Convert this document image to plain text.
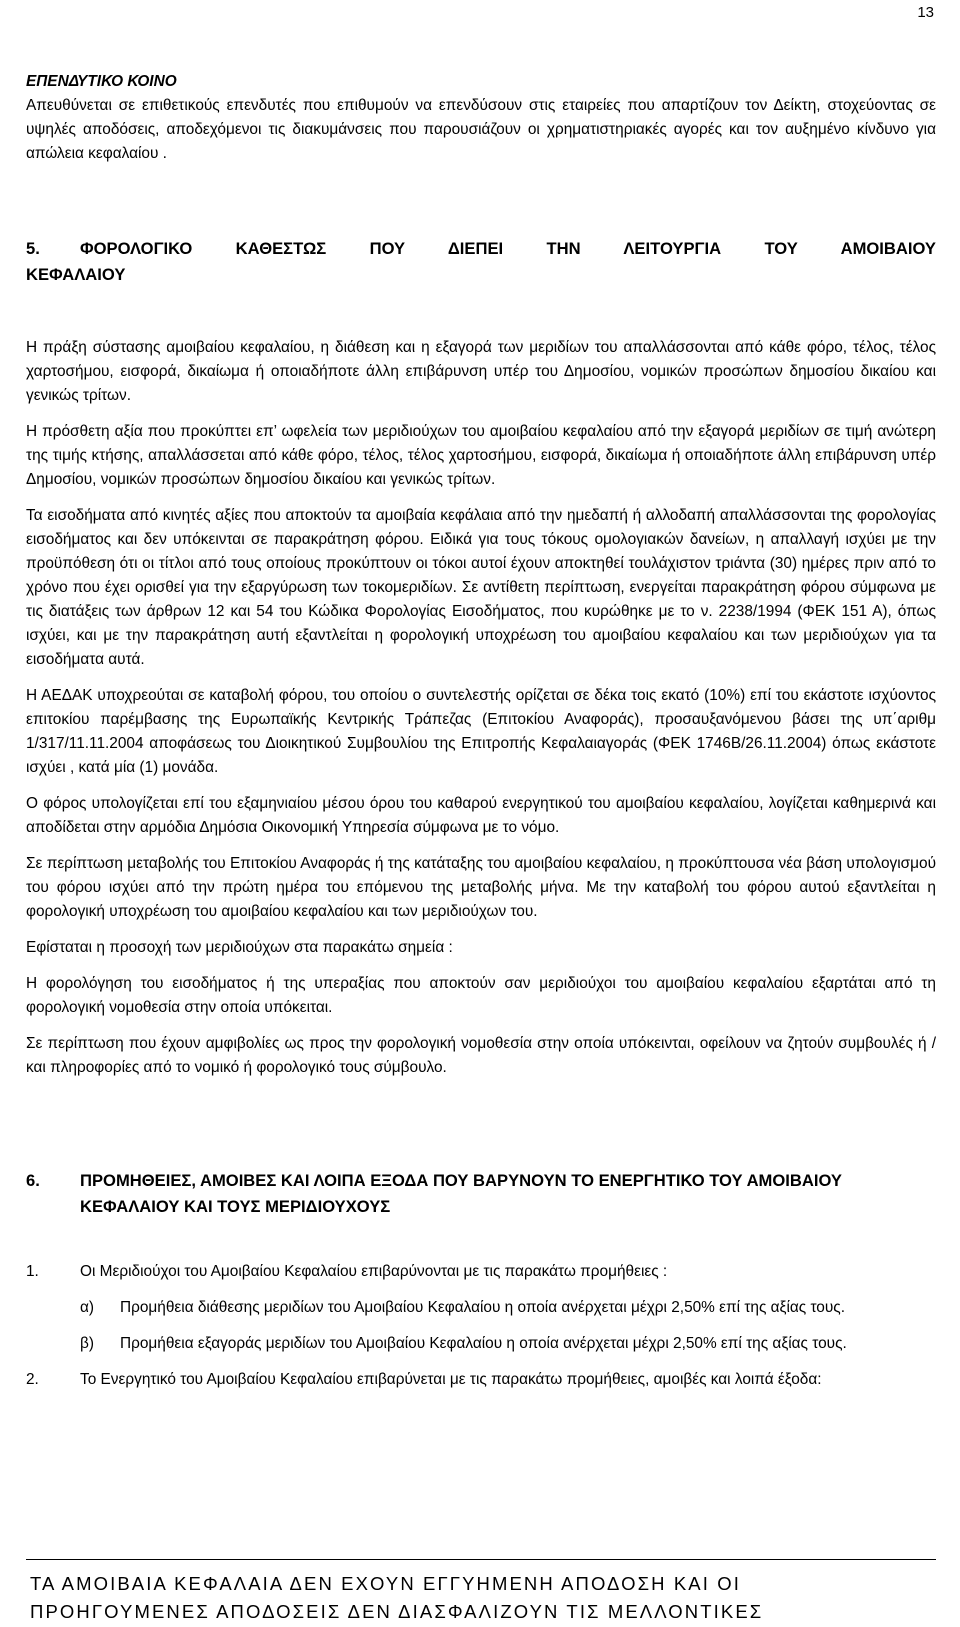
13

ΕΠΕΝΔΥΤΙΚΟ ΚΟΙΝΟ

Απευθύνεται σε επιθετικούς επενδυτές που επιθυμούν να επενδύσουν στις εταιρείες που απαρτίζουν τον Δείκτη, στοχεύοντας σε υψηλές αποδόσεις, αποδεχόμενοι τις διακυμάνσεις που παρουσιάζουν οι χρηματιστηριακές αγορές και τον αυξημένο κίνδυνο για απώλεια κεφαλαίου .

5.	ΦΟΡΟΛΟΓΙΚΟ ΚΑΘΕΣΤΩΣ ΠΟΥ ΔΙΕΠΕΙ ΤΗΝ ΛΕΙΤΟΥΡΓΙΑ ΤΟΥ ΑΜΟΙΒΑΙΟΥ
ΚΕΦΑΛΑΙΟΥ

Η πράξη σύστασης αμοιβαίου κεφαλαίου, η διάθεση και η εξαγορά των μεριδίων του απαλλάσσονται από κάθε φόρο, τέλος, τέλος χαρτοσήμου, εισφορά, δικαίωμα ή οποιαδήποτε άλλη επιβάρυνση υπέρ του Δημοσίου, νομικών προσώπων δημοσίου δικαίου και γενικώς τρίτων.

Η πρόσθετη αξία που προκύπτει επ’ ωφελεία των μεριδιούχων του αμοιβαίου κεφαλαίου από την εξαγορά μεριδίων σε τιμή ανώτερη της τιμής κτήσης, απαλλάσσεται από κάθε φόρο, τέλος, τέλος χαρτοσήμου, εισφορά, δικαίωμα ή οποιαδήποτε άλλη επιβάρυνση υπέρ Δημοσίου, νομικών προσώπων δημοσίου δικαίου και γενικώς τρίτων.

Τα εισοδήματα από κινητές αξίες που αποκτούν τα αμοιβαία κεφάλαια από την ημεδαπή ή αλλοδαπή απαλλάσσονται της φορολογίας εισοδήματος και δεν υπόκεινται σε παρακράτηση φόρου. Ειδικά για τους τόκους ομολογιακών δανείων, η απαλλαγή ισχύει με την προϋπόθεση ότι οι τίτλοι από τους οποίους προκύπτουν οι τόκοι αυτοί έχουν αποκτηθεί τουλάχιστον τριάντα (30) ημέρες πριν από το χρόνο που έχει ορισθεί για την εξαργύρωση των τοκομεριδίων. Σε αντίθετη περίπτωση, ενεργείται παρακράτηση φόρου σύμφωνα με τις διατάξεις των άρθρων 12 και 54 του Κώδικα Φορολογίας Εισοδήματος, που κυρώθηκε με το ν. 2238/1994 (ΦΕΚ 151 Α), όπως ισχύει, και με την παρακράτηση αυτή εξαντλείται η φορολογική υποχρέωση του αμοιβαίου κεφαλαίου και των μεριδιούχων για τα εισοδήματα αυτά.

Η ΑΕΔΑΚ υποχρεούται σε καταβολή φόρου, του οποίου ο συντελεστής ορίζεται σε δέκα τοις εκατό (10%) επί του εκάστοτε ισχύοντος επιτοκίου παρέμβασης της Ευρωπαϊκής Κεντρικής Τράπεζας (Επιτοκίου Αναφοράς), προσαυξανόμενου βάσει της υπ΄αριθμ 1/317/11.11.2004 αποφάσεως του Διοικητικού Συμβουλίου της Επιτροπής Κεφαλαιαγοράς (ΦΕΚ 1746Β/26.11.2004) όπως εκάστοτε ισχύει , κατά μία (1) μονάδα.

Ο φόρος υπολογίζεται επί του εξαμηνιαίου μέσου όρου του καθαρού ενεργητικού του αμοιβαίου κεφαλαίου, λογίζεται καθημερινά και αποδίδεται στην αρμόδια Δημόσια Οικονομική Υπηρεσία σύμφωνα με το νόμο.

Σε περίπτωση μεταβολής του Επιτοκίου Αναφοράς ή της κατάταξης του αμοιβαίου κεφαλαίου, η προκύπτουσα νέα βάση υπολογισμού του φόρου ισχύει από την πρώτη ημέρα του επόμενου της μεταβολής μήνα. Με την καταβολή του φόρου αυτού εξαντλείται η φορολογική υποχρέωση του αμοιβαίου κεφαλαίου και των μεριδιούχων του.

Εφίσταται η προσοχή των μεριδιούχων στα παρακάτω σημεία :

Η φορολόγηση του εισοδήματος ή της υπεραξίας που αποκτούν σαν μεριδιούχοι του αμοιβαίου κεφαλαίου εξαρτάται από τη φορολογική νομοθεσία στην οποία υπόκειται.

Σε περίπτωση που έχουν αμφιβολίες ως προς την φορολογική νομοθεσία στην οποία υπόκεινται, οφείλουν να ζητούν συμβουλές ή / και πληροφορίες από το νομικό ή φορολογικό τους σύμβουλο.

6.	ΠΡΟΜΗΘΕΙΕΣ, ΑΜΟΙΒΕΣ ΚΑΙ ΛΟΙΠΑ ΕΞΟΔΑ ΠΟΥ ΒΑΡΥΝΟΥΝ ΤΟ ΕΝΕΡΓΗΤΙΚΟ ΤΟΥ ΑΜΟΙΒΑΙΟΥ ΚΕΦΑΛΑΙΟΥ ΚΑΙ ΤΟΥΣ ΜΕΡΙΔΙΟΥΧΟΥΣ
1.	Οι Μεριδιούχοι του Αμοιβαίου Κεφαλαίου επιβαρύνονται με τις παρακάτω προμήθειες :
α)	Προμήθεια διάθεσης μεριδίων του Αμοιβαίου Κεφαλαίου η οποία ανέρχεται μέχρι 2,50% επί της αξίας τους.
β)	Προμήθεια εξαγοράς μεριδίων του Αμοιβαίου Κεφαλαίου η οποία ανέρχεται μέχρι 2,50% επί της αξίας τους.
2.	Το Ενεργητικό του Αμοιβαίου Κεφαλαίου επιβαρύνεται με τις παρακάτω προμήθειες, αμοιβές και λοιπά έξοδα:
ΤΑ ΑΜΟΙΒΑΙΑ ΚΕΦΑΛΑΙΑ ΔΕΝ ΕΧΟΥΝ ΕΓΓΥΗΜΕΝΗ ΑΠΟΔΟΣΗ ΚΑΙ ΟΙ
ΠΡΟΗΓΟΥΜΕΝΕΣ ΑΠΟΔΟΣΕΙΣ ΔΕΝ ΔΙΑΣΦΑΛΙΖΟΥΝ ΤΙΣ ΜΕΛΛΟΝΤΙΚΕΣ
